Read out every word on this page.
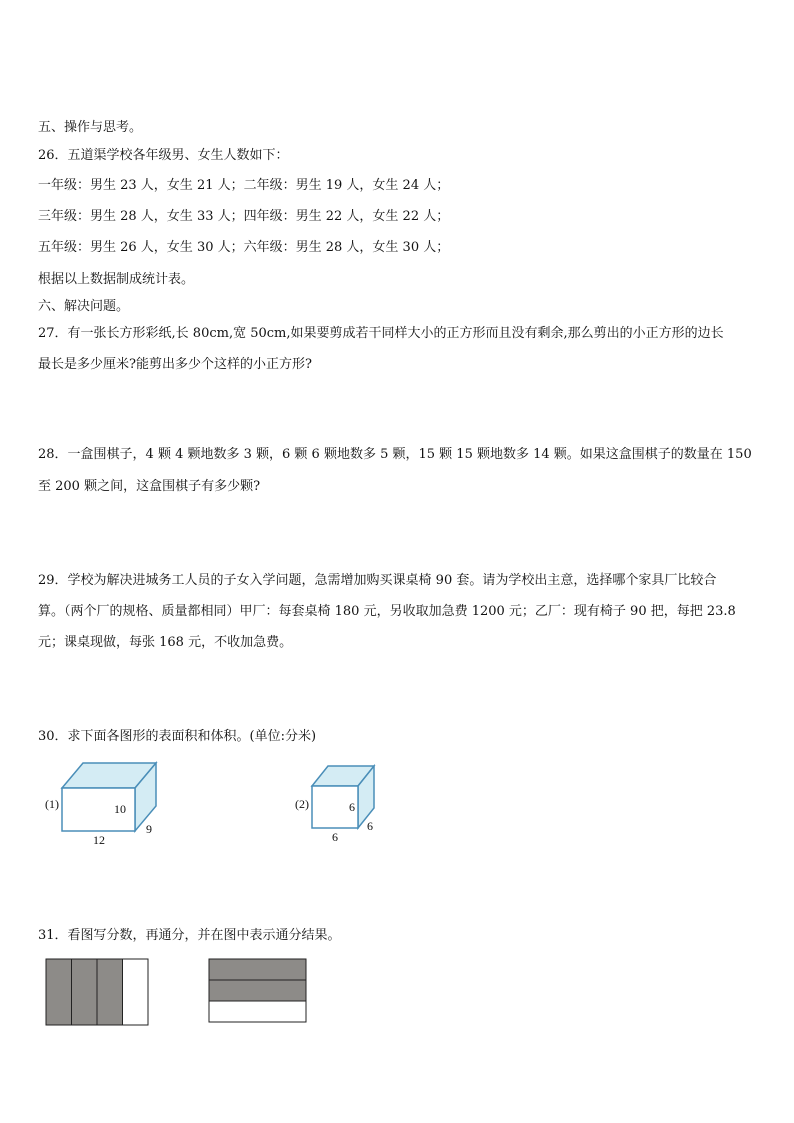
五、操作与思考。
26．五道渠学校各年级男、女生人数如下：
一年级：男生 23 人，女生 21 人；二年级：男生 19 人，女生 24 人；
三年级：男生 28 人，女生 33 人；四年级：男生 22 人，女生 22 人；
五年级：男生 26 人，女生 30 人；六年级：男生 28 人，女生 30 人；
根据以上数据制成统计表。
六、解决问题。
27．有一张长方形彩纸,长 80cm,宽 50cm,如果要剪成若干同样大小的正方形而且没有剩余,那么剪出的小正方形的边长
最长是多少厘米?能剪出多少个这样的小正方形?
28．一盒围棋子，4 颗 4 颗地数多 3 颗，6 颗 6 颗地数多 5 颗，15 颗 15 颗地数多 14 颗。如果这盒围棋子的数量在 150
至 200 颗之间，这盒围棋子有多少颗?
29．学校为解决进城务工人员的子女入学问题，急需增加购买课桌椅 90 套。请为学校出主意，选择哪个家具厂比较合
算。（两个厂的规格、质量都相同）甲厂：每套桌椅 180 元，另收取加急费 1200 元；乙厂：现有椅子 90 把，每把 23.8
元；课桌现做，每张 168 元，不收加急费。
30．求下面各图形的表面积和体积。(单位:分米)
(1)	10
9
12
(2)	6
6
6
31．看图写分数，再通分，并在图中表示通分结果。
